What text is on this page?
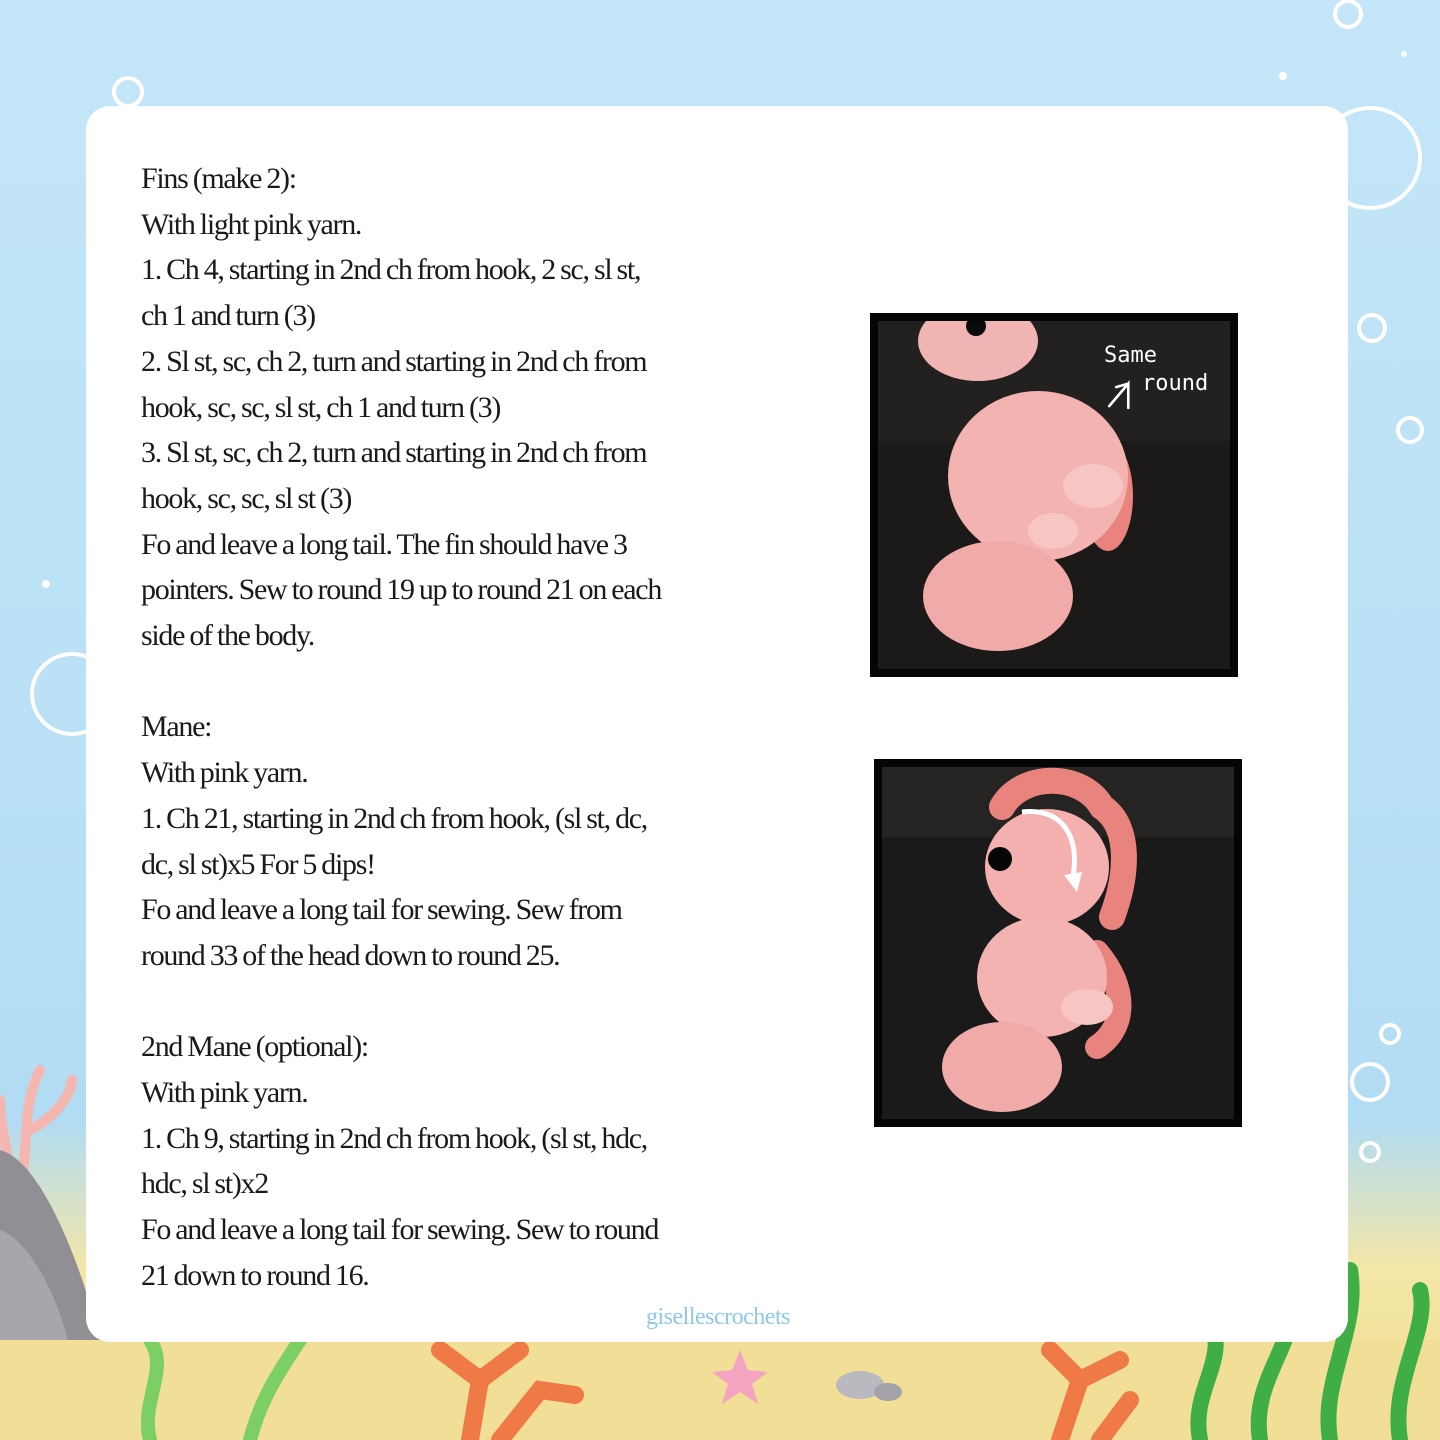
Fins (make 2):
With light pink yarn.
1. Ch 4, starting in 2nd ch from hook, 2 sc, sl st,
ch 1 and turn (3)
2. Sl st, sc, ch 2, turn and starting in 2nd ch from
hook, sc, sc, sl st, ch 1 and turn (3)
3. Sl st, sc, ch 2, turn and starting in 2nd ch from
hook, sc, sc, sl st (3)
Fo and leave a long tail. The fin should have 3
pointers. Sew to round 19 up to round 21 on each
side of the body.
Mane:
With pink yarn.
1. Ch 21, starting in 2nd ch from hook, (sl st, dc,
dc, sl st)x5 For 5 dips!
Fo and leave a long tail for sewing. Sew from
round 33 of the head down to round 25.
2nd Mane (optional):
With pink yarn.
1. Ch 9, starting in 2nd ch from hook, (sl st, hdc,
hdc, sl st)x2
Fo and leave a long tail for sewing. Sew to round
21 down to round 16.
Same
round
gisellescrochets
